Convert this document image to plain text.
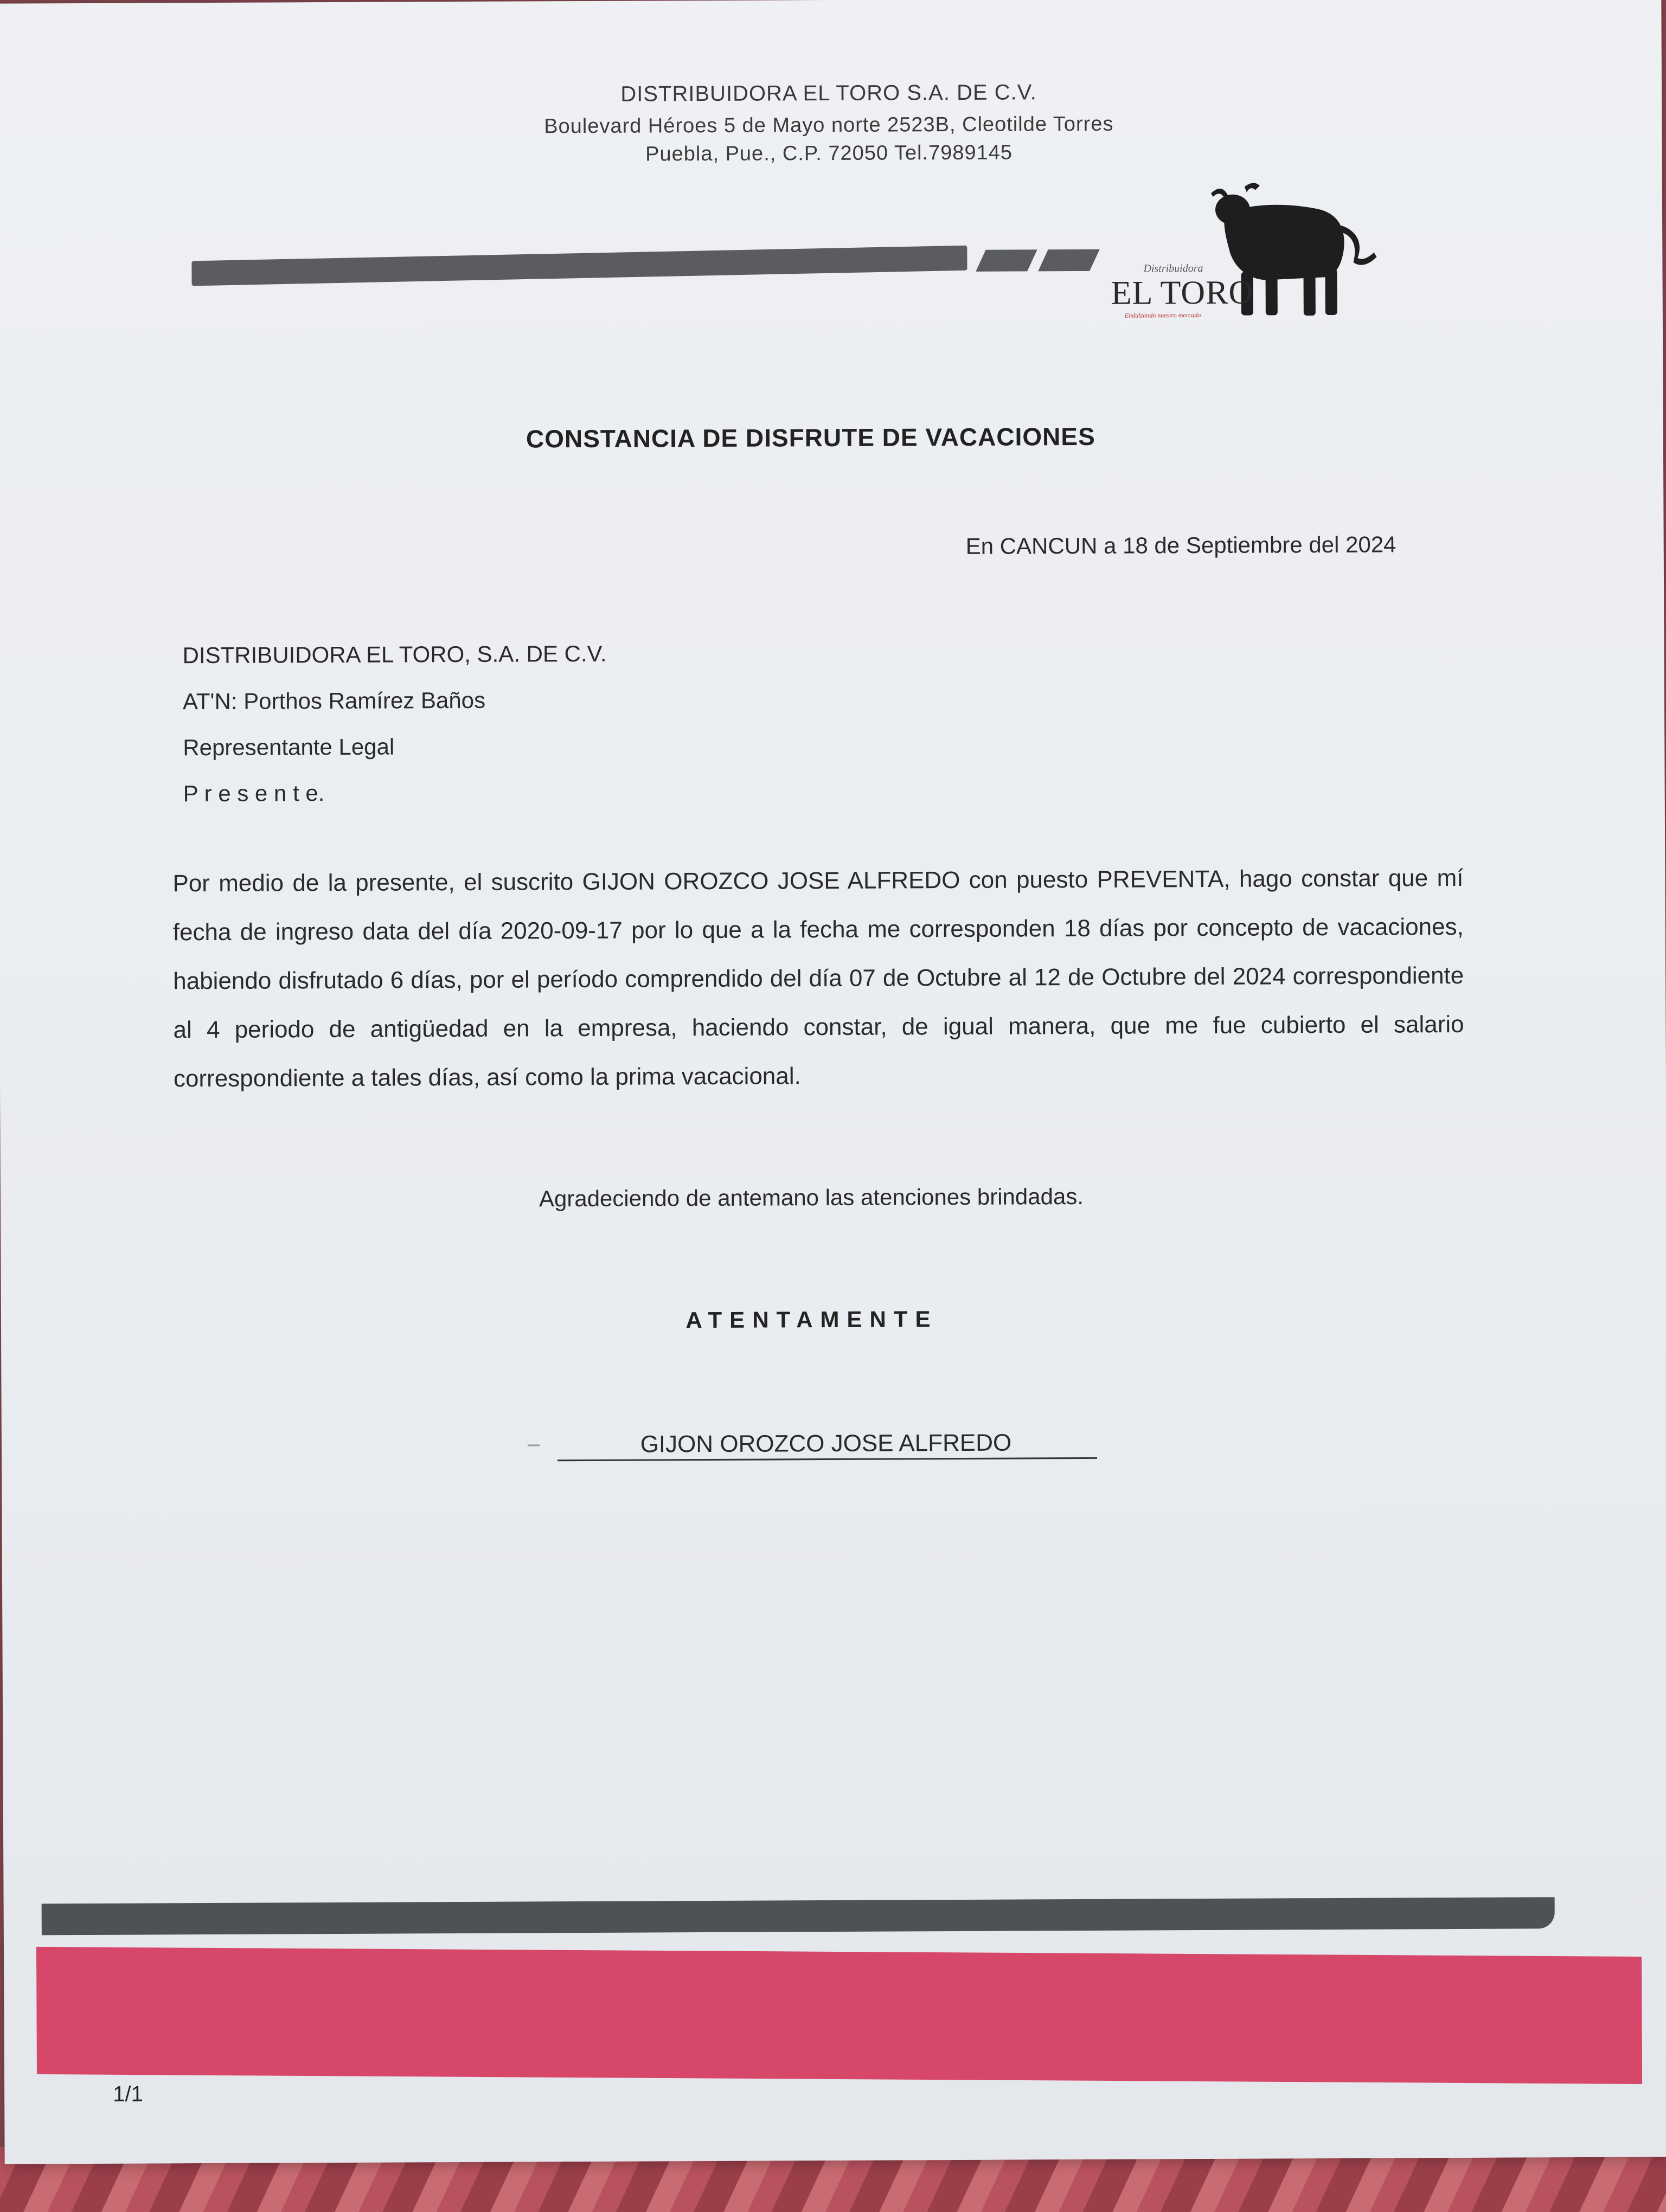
DISTRIBUIDORA EL TORO S.A. DE C.V.
Boulevard Héroes 5 de Mayo norte 2523B, Cleotilde Torres
Puebla, Pue., C.P. 72050 Tel.7989145
Distribuidora
EL TORO
Endulzando nuestro mercado
CONSTANCIA DE DISFRUTE DE VACACIONES
En CANCUN a 18 de Septiembre del 2024
DISTRIBUIDORA EL TORO, S.A. DE C.V.
AT'N: Porthos Ramírez Baños
Representante Legal
P r e s e n t e.
Por medio de la presente, el suscrito GIJON OROZCO JOSE ALFREDO con puesto PREVENTA, hago constar que mí fecha de ingreso data del día 2020-09-17 por lo que a la fecha me corresponden 18 días por concepto de vacaciones, habiendo disfrutado 6 días, por el período comprendido del día 07 de Octubre al 12 de Octubre del 2024 correspondiente al 4 periodo de antigüedad en la empresa, haciendo constar, de igual manera, que me fue cubierto el salario correspondiente a tales días, así como la prima vacacional.
Agradeciendo de antemano las atenciones brindadas.
ATENTAMENTE
GIJON OROZCO JOSE ALFREDO
1/1
